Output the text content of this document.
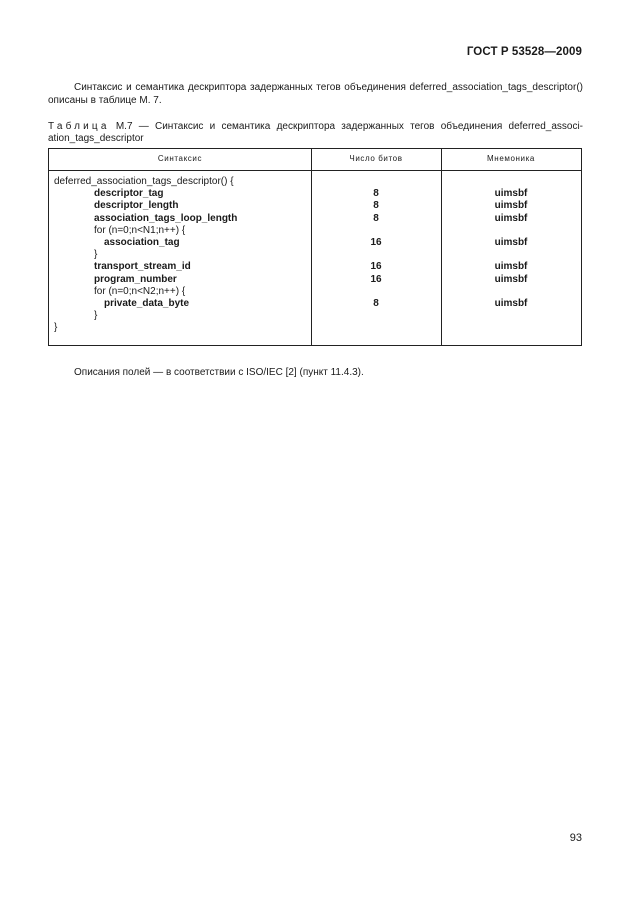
ГОСТ Р 53528—2009
Синтаксис и семантика дескриптора задержанных тегов объединения deferred_association_tags_descriptor() описаны в таблице М. 7.
Таблица М.7 — Синтаксис и семантика дескриптора задержанных тегов объединения deferred_associ-ation_tags_descriptor
Синтаксис	Число битов	Мнемоника
deferred_association_tags_descriptor() {
descriptor_tag	8	uimsbf
descriptor_length	8	uimsbf
association_tags_loop_length	8	uimsbf
for (n=0;n<N1;n++) {
association_tag	16	uimsbf
}
transport_stream_id	16	uimsbf
program_number	16	uimsbf
for (n=0;n<N2;n++) {
private_data_byte	8	uimsbf
}
}
Описания полей — в соответствии с ISO/IEC [2] (пункт 11.4.3).
93
